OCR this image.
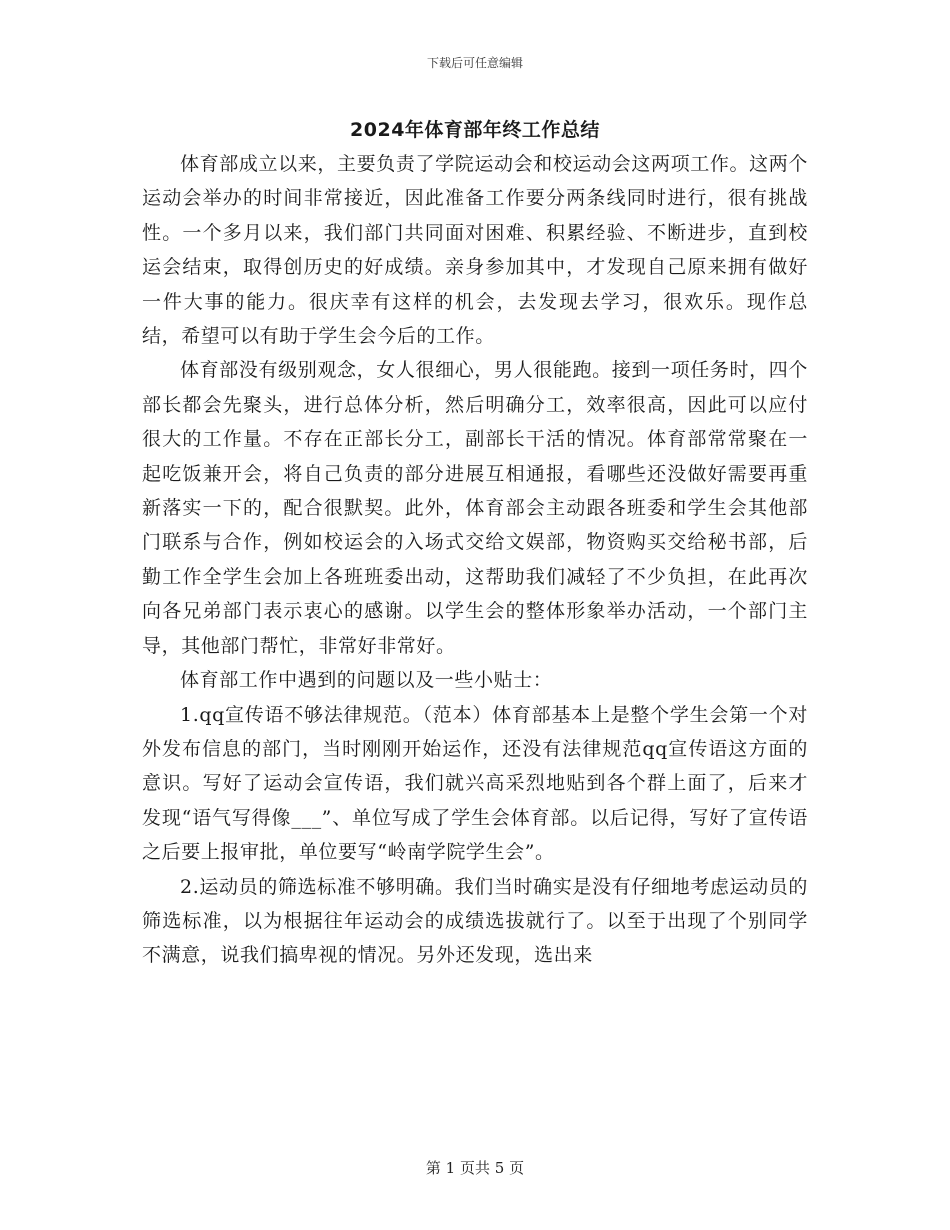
下载后可任意编辑
2024年体育部年终工作总结

体育部成立以来，主要负责了学院运动会和校运动会这两项工作。这两个运动会举办的时间非常接近，因此准备工作要分两条线同时进行，很有挑战性。一个多月以来，我们部门共同面对困难、积累经验、不断进步，直到校运会结束，取得创历史的好成绩。亲身参加其中，才发现自己原来拥有做好一件大事的能力。很庆幸有这样的机会，去发现去学习，很欢乐。现作总结，希望可以有助于学生会今后的工作。

体育部没有级别观念，女人很细心，男人很能跑。接到一项任务时，四个部长都会先聚头，进行总体分析，然后明确分工，效率很高，因此可以应付很大的工作量。不存在正部长分工，副部长干活的情况。体育部常常聚在一起吃饭兼开会，将自己负责的部分进展互相通报，看哪些还没做好需要再重新落实一下的，配合很默契。此外，体育部会主动跟各班委和学生会其他部门联系与合作，例如校运会的入场式交给文娱部，物资购买交给秘书部，后勤工作全学生会加上各班班委出动，这帮助我们减轻了不少负担，在此再次向各兄弟部门表示衷心的感谢。以学生会的整体形象举办活动，一个部门主导，其他部门帮忙，非常好非常好。

体育部工作中遇到的问题以及一些小贴士：

1.qq宣传语不够法律规范。（范本）体育部基本上是整个学生会第一个对外发布信息的部门，当时刚刚开始运作，还没有法律规范qq宣传语这方面的意识。写好了运动会宣传语，我们就兴高采烈地贴到各个群上面了，后来才发现“语气写得像___”、单位写成了学生会体育部。以后记得，写好了宣传语之后要上报审批，单位要写“岭南学院学生会”。

2.运动员的筛选标准不够明确。我们当时确实是没有仔细地考虑运动员的筛选标准，以为根据往年运动会的成绩选拔就行了。以至于出现了个别同学不满意，说我们搞卑视的情况。另外还发现，选出来

第 1 页共 5 页
